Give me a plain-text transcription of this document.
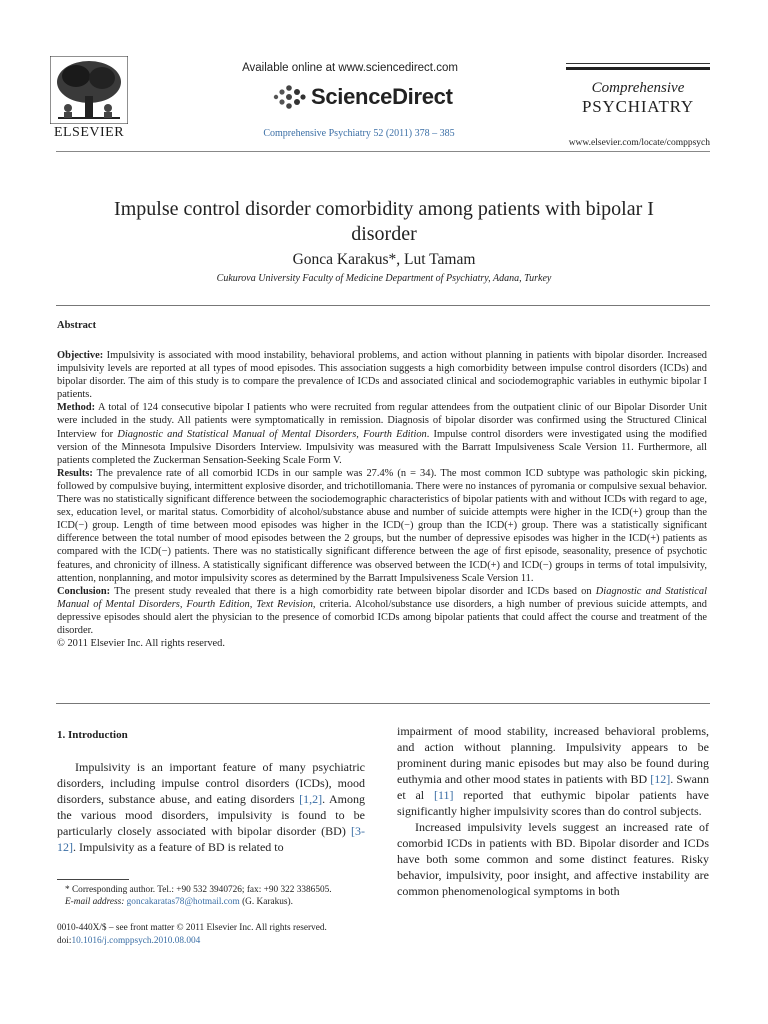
ELSEVIER
Available online at www.sciencedirect.com
ScienceDirect
Comprehensive Psychiatry 52 (2011) 378 – 385
Comprehensive
PSYCHIATRY
www.elsevier.com/locate/comppsych
Impulse control disorder comorbidity among patients with bipolar I disorder
Gonca Karakus*, Lut Tamam
Cukurova University Faculty of Medicine Department of Psychiatry, Adana, Turkey
Abstract

Objective: Impulsivity is associated with mood instability, behavioral problems, and action without planning in patients with bipolar disorder. Increased impulsivity levels are reported at all types of mood episodes. This association suggests a high comorbidity between impulse control disorders (ICDs) and bipolar disorder. The aim of this study is to compare the prevalence of ICDs and associated clinical and sociodemographic variables in euthymic bipolar I patients.

Method: A total of 124 consecutive bipolar I patients who were recruited from regular attendees from the outpatient clinic of our Bipolar Disorder Unit were included in the study. All patients were symptomatically in remission. Diagnosis of bipolar disorder was confirmed using the Structured Clinical Interview for Diagnostic and Statistical Manual of Mental Disorders, Fourth Edition. Impulse control disorders were investigated using the modified version of the Minnesota Impulsive Disorders Interview. Impulsivity was measured with the Barratt Impulsiveness Scale Version 11. Furthermore, all patients completed the Zuckerman Sensation-Seeking Scale Form V.

Results: The prevalence rate of all comorbid ICDs in our sample was 27.4% (n = 34). The most common ICD subtype was pathologic skin picking, followed by compulsive buying, intermittent explosive disorder, and trichotillomania. There were no instances of pyromania or compulsive sexual behavior. There was no statistically significant difference between the sociodemographic characteristics of bipolar patients with and without ICDs with regard to age, sex, education level, or marital status. Comorbidity of alcohol/substance abuse and number of suicide attempts were higher in the ICD(+) group than the ICD(−) group. Length of time between mood episodes was higher in the ICD(−) group than the ICD(+) group. There was a statistically significant difference between the total number of mood episodes between the 2 groups, but the number of depressive episodes was higher in the ICD(+) patients as compared with the ICD(−) patients. There was no statistically significant difference between the age of first episode, seasonality, presence of psychotic features, and chronicity of illness. A statistically significant difference was observed between the ICD(+) and ICD(−) groups in terms of total impulsivity, attention, nonplanning, and motor impulsivity scores as determined by the Barratt Impulsiveness Scale Version 11.

Conclusion: The present study revealed that there is a high comorbidity rate between bipolar disorder and ICDs based on Diagnostic and Statistical Manual of Mental Disorders, Fourth Edition, Text Revision, criteria. Alcohol/substance use disorders, a high number of previous suicide attempts, and depressive episodes should alert the physician to the presence of comorbid ICDs among bipolar patients that could affect the course and treatment of the disorder.

© 2011 Elsevier Inc. All rights reserved.

1. Introduction

Impulsivity is an important feature of many psychiatric disorders, including impulse control disorders (ICDs), mood disorders, substance abuse, and eating disorders [1,2]. Among the various mood disorders, impulsivity is found to be particularly closely associated with bipolar disorder (BD) [3-12]. Impulsivity as a feature of BD is related to

impairment of mood stability, increased behavioral problems, and action without planning. Impulsivity appears to be prominent during manic episodes but may also be found during euthymia and other mood states in patients with BD [12]. Swann et al [11] reported that euthymic bipolar patients have significantly higher impulsivity scores than do control subjects.

Increased impulsivity levels suggest an increased rate of comorbid ICDs in patients with BD. Bipolar disorder and ICDs have both some common and some distinct features. Risky behavior, impulsivity, poor insight, and affective instability are common phenomenological symptoms in both

* Corresponding author. Tel.: +90 532 3940726; fax: +90 322 3386505.
E-mail address: goncakaratas78@hotmail.com (G. Karakus).
0010-440X/$ – see front matter © 2011 Elsevier Inc. All rights reserved.
doi:10.1016/j.comppsych.2010.08.004
